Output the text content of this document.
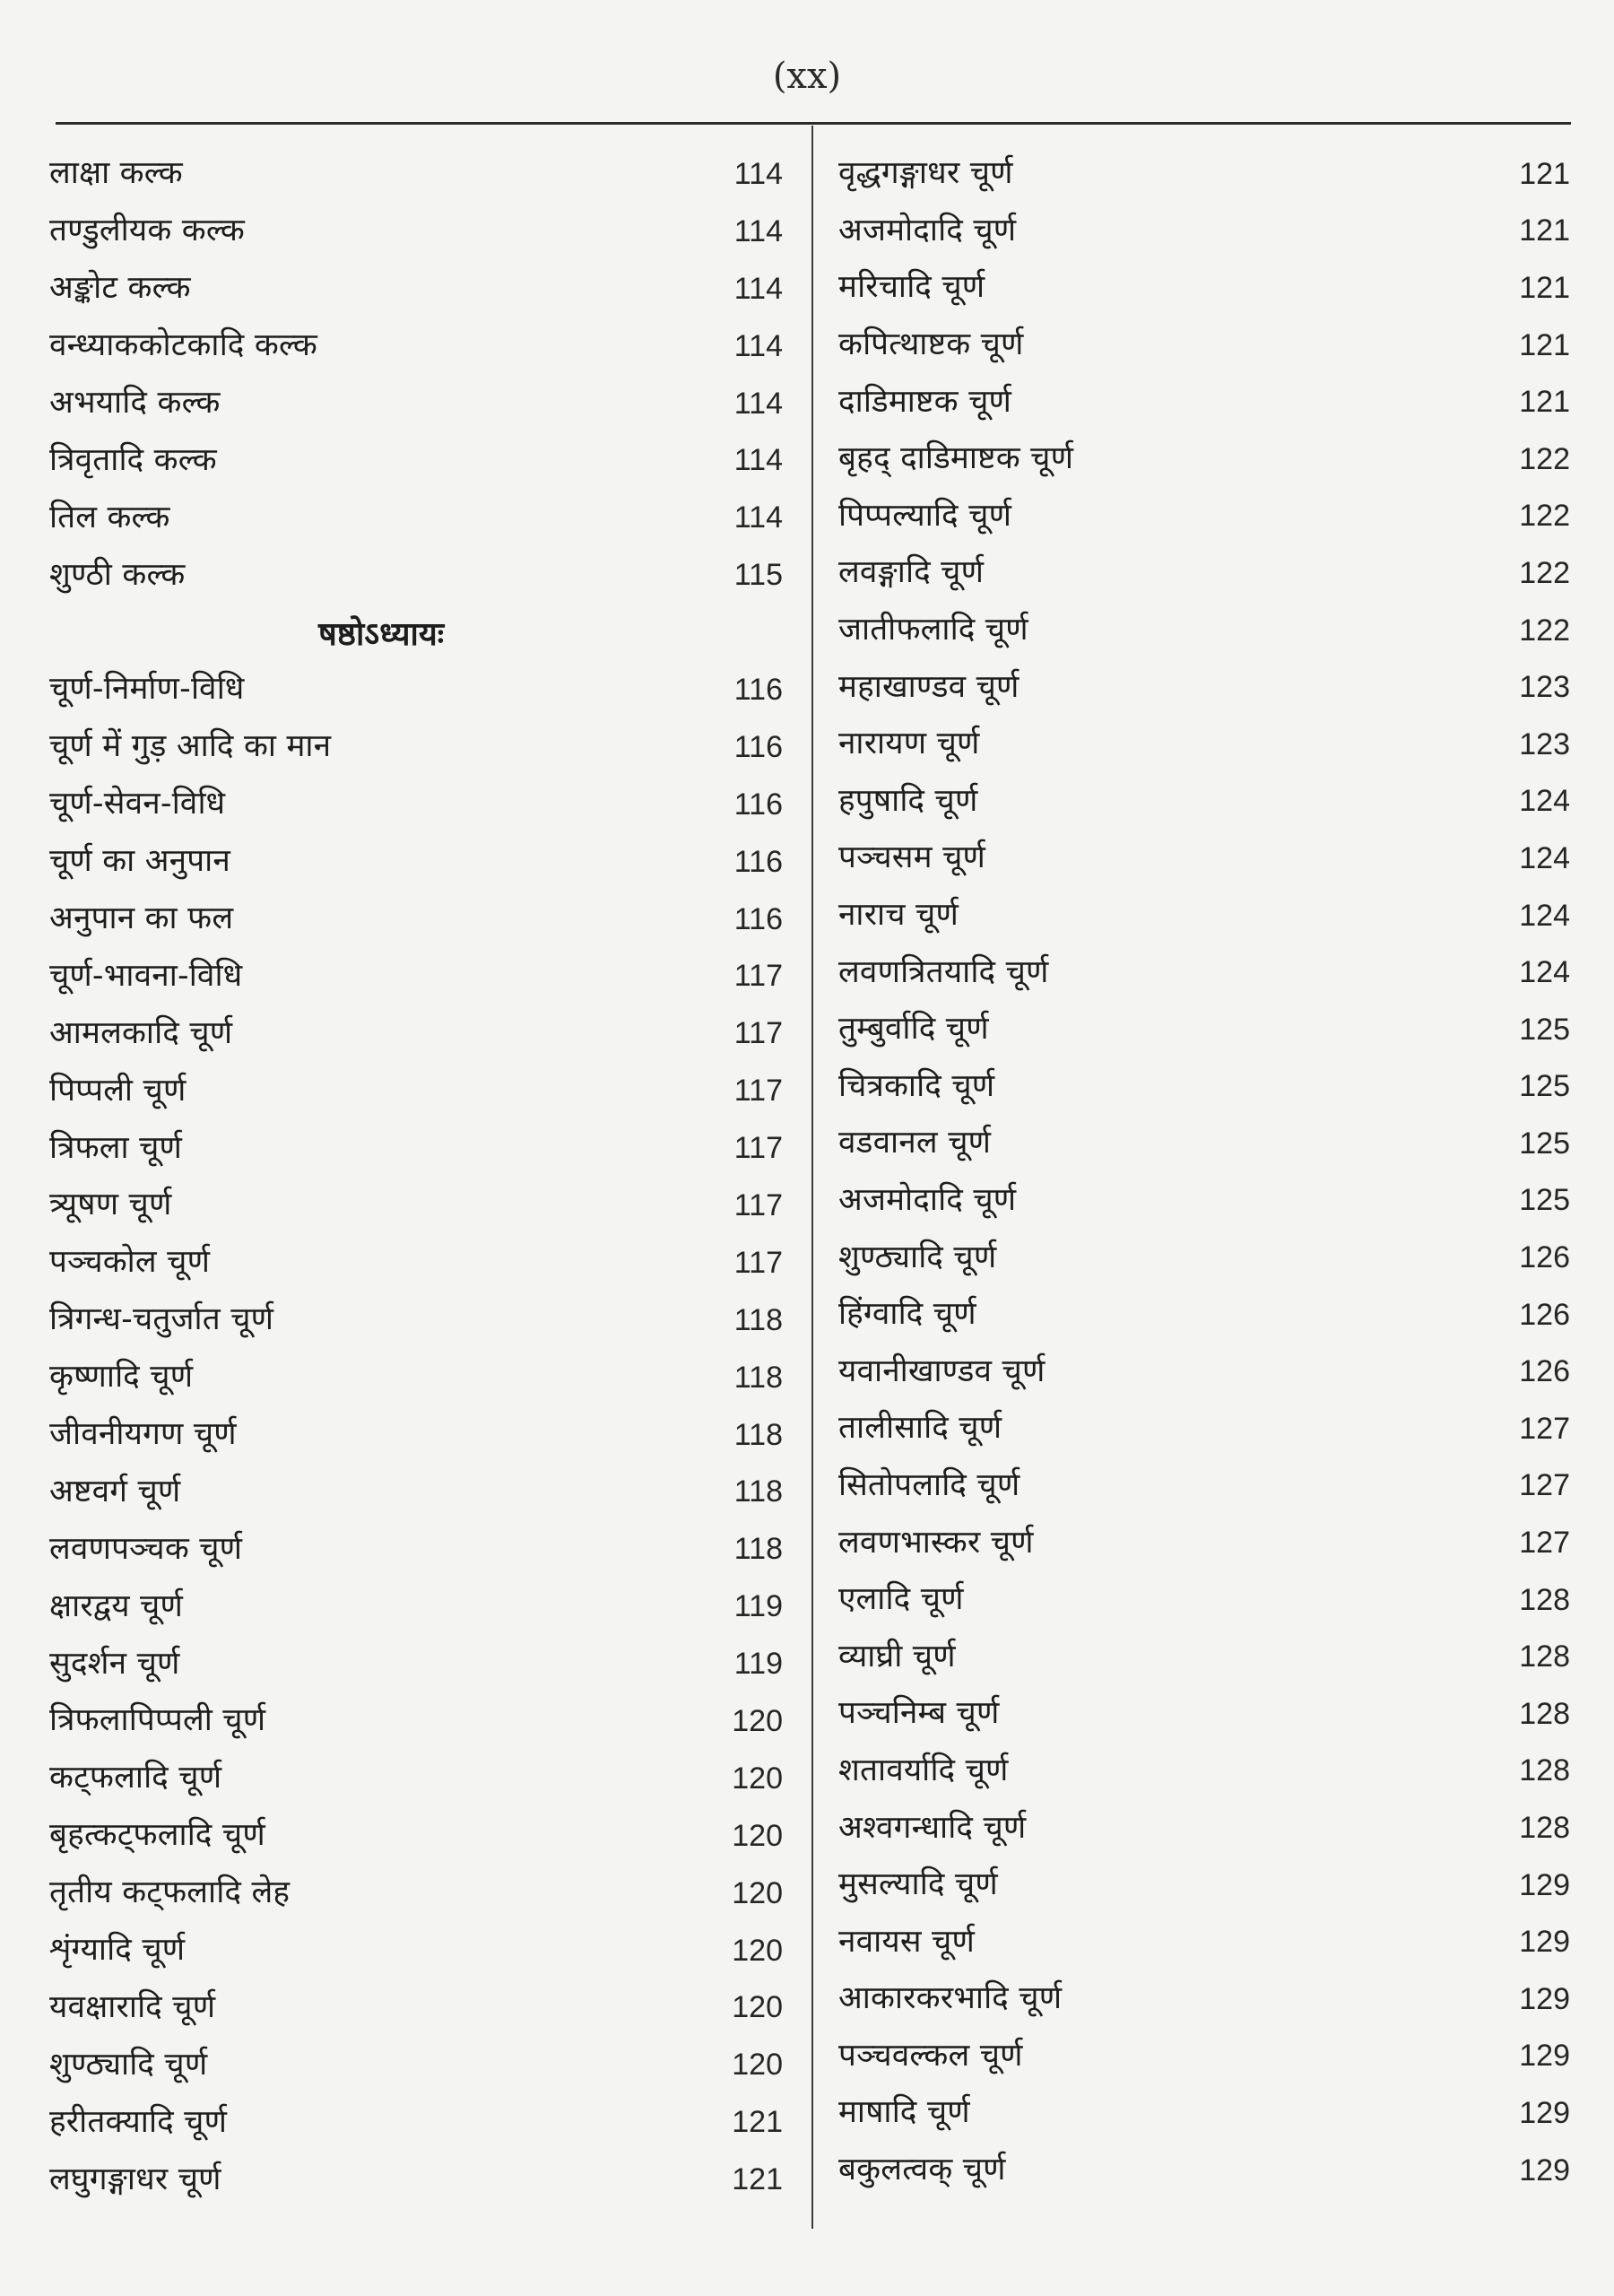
(xx)
लाक्षा कल्क	114
तण्डुलीयक कल्क	114
अङ्कोट कल्क	114
वन्ध्याककोटकादि कल्क	114
अभयादि कल्क	114
त्रिवृतादि कल्क	114
तिल कल्क	114
शुण्ठी कल्क	115
षष्ठोऽध्यायः
चूर्ण-निर्माण-विधि	116
चूर्ण में गुड़ आदि का मान	116
चूर्ण-सेवन-विधि	116
चूर्ण का अनुपान	116
अनुपान का फल	116
चूर्ण-भावना-विधि	117
आमलकादि चूर्ण	117
पिप्पली चूर्ण	117
त्रिफला चूर्ण	117
त्र्यूषण चूर्ण	117
पञ्चकोल चूर्ण	117
त्रिगन्ध-चतुर्जात चूर्ण	118
कृष्णादि चूर्ण	118
जीवनीयगण चूर्ण	118
अष्टवर्ग चूर्ण	118
लवणपञ्चक चूर्ण	118
क्षारद्वय चूर्ण	119
सुदर्शन चूर्ण	119
त्रिफलापिप्पली चूर्ण	120
कट्फलादि चूर्ण	120
बृहत्कट्फलादि चूर्ण	120
तृतीय कट्फलादि लेह	120
शृंग्यादि चूर्ण	120
यवक्षारादि चूर्ण	120
शुण्ठ्यादि चूर्ण	120
हरीतक्यादि चूर्ण	121
लघुगङ्गाधर चूर्ण	121
वृद्धगङ्गाधर चूर्ण	121
अजमोदादि चूर्ण	121
मरिचादि चूर्ण	121
कपित्थाष्टक चूर्ण	121
दाडिमाष्टक चूर्ण	121
बृहद् दाडिमाष्टक चूर्ण	122
पिप्पल्यादि चूर्ण	122
लवङ्गादि चूर्ण	122
जातीफलादि चूर्ण	122
महाखाण्डव चूर्ण	123
नारायण चूर्ण	123
हपुषादि चूर्ण	124
पञ्चसम चूर्ण	124
नाराच चूर्ण	124
लवणत्रितयादि चूर्ण	124
तुम्बुर्वादि चूर्ण	125
चित्रकादि चूर्ण	125
वडवानल चूर्ण	125
अजमोदादि चूर्ण	125
शुण्ठ्यादि चूर्ण	126
हिंग्वादि चूर्ण	126
यवानीखाण्डव चूर्ण	126
तालीसादि चूर्ण	127
सितोपलादि चूर्ण	127
लवणभास्कर चूर्ण	127
एलादि चूर्ण	128
व्याघ्री चूर्ण	128
पञ्चनिम्ब चूर्ण	128
शतावर्यादि चूर्ण	128
अश्वगन्धादि चूर्ण	128
मुसल्यादि चूर्ण	129
नवायस चूर्ण	129
आकारकरभादि चूर्ण	129
पञ्चवल्कल चूर्ण	129
माषादि चूर्ण	129
बकुलत्वक् चूर्ण	129
